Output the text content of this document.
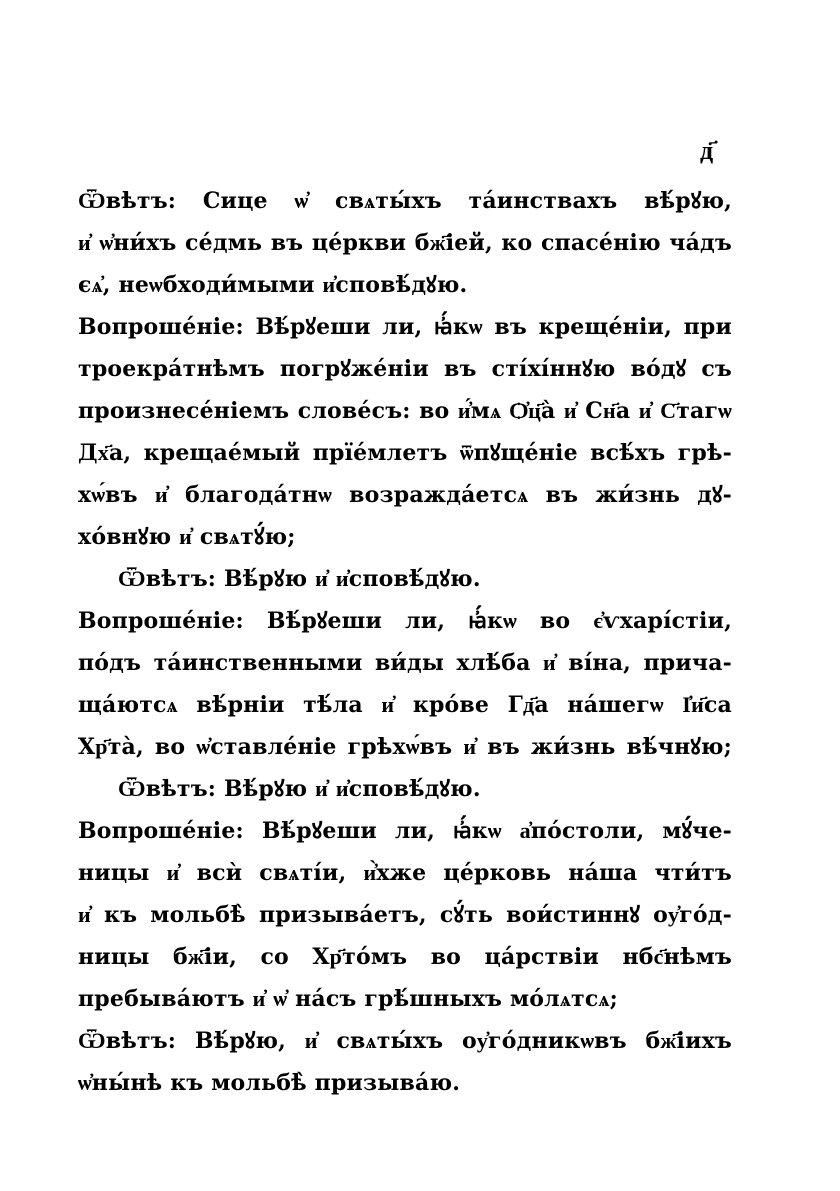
д҃
Ѿвѣтъ: Сице ѡ҆ свѧты́хъ та́инствахъ вѣ́рꙋю,
и҆ ѡ҆ни́хъ се́дмь въ це́ркви бж҃іей, ко спасе́нію ча́дъ
єѧ҆, неѡбходи́мыми и҆сповѣ́дꙋю.
Вопроше́ніе: Вѣ́рꙋеши ли, ꙗ҆́кѡ въ креще́ніи, при
троекра́тнѣмъ погрꙋже́ніи въ сті́хі́ннꙋю во́дꙋ съ
произнесе́ніемъ слове́съ: во и҆́мѧ Ѻ҆ц҃а̀ и҆ Сн҃а и҆ С҃тагѡ
Дх҃а, крещае́мый прїе́млетъ ѿпꙋще́ніе всѣ́хъ грѣ-
хѡ́въ и҆ благода́тнѡ возражда́етсѧ въ жи́знь дꙋ-
хо́внꙋю и҆ свѧтꙋ́ю;
Ѿвѣтъ: Вѣ́рꙋю и҆ и҆сповѣ́дꙋю.
Вопроше́ніе: Вѣ́рꙋеши ли, ꙗ҆́кѡ во є҆ѵхарі́стіи,
по́дъ та́инственными ви́ды хлѣ́ба и҆ ві́на, прича-
ща́ютсѧ вѣ́рніи тѣ́ла и҆ кро́ве Гд҃а на́шегѡ І҆и҃са
Хр҃та̀, во ѡ҆ставле́ніе грѣхѡ́въ и҆ въ жи́знь вѣ́чнꙋю;
Ѿвѣтъ: Вѣ́рꙋю и҆ и҆сповѣ́дꙋю.
Вопроше́ніе: Вѣ́рꙋеши ли, ꙗ҆́кѡ а҆по́столи, мꙋ́че-
ницы и҆ всѝ свѧті́и, и҆̀хже це́рковь на́ша чти́тъ
и҆ къ мольбѣ̀ призыва́етъ, сꙋ́ть вои́стиннꙋ оу҆го́д-
ницы бж҃іи, со Хр҃то́мъ во ца́рствіи нбс҃нѣмъ
пребыва́ютъ и҆ ѡ҆ на́съ грѣ́шныхъ мо́лѧтсѧ;
Ѿвѣтъ: Вѣ́рꙋю, и҆ свѧты́хъ оу҆го́дникѡвъ бж҃іихъ
ѡ҆ны́нѣ къ мольбѣ̀ призыва́ю.
